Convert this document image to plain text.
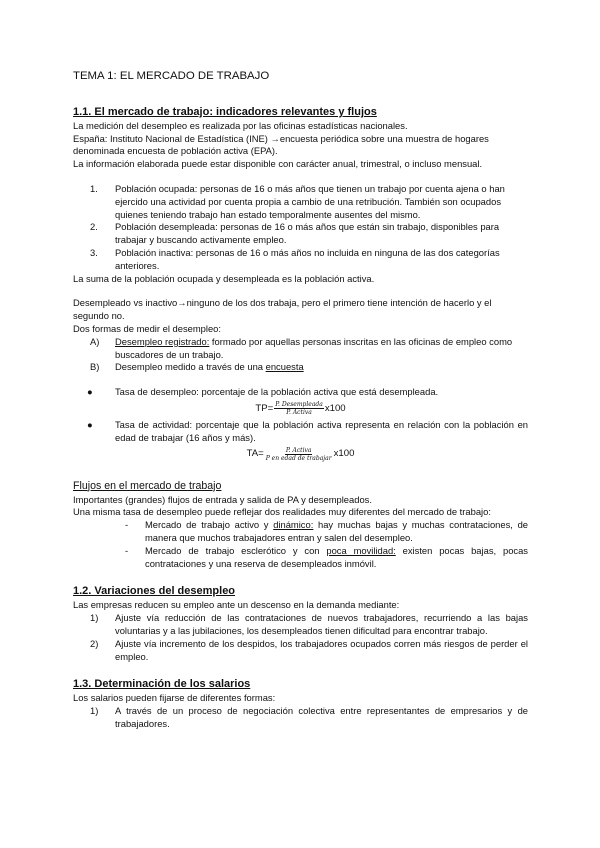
TEMA 1: EL MERCADO DE TRABAJO
1.1. El mercado de trabajo: indicadores relevantes y flujos

La medición del desempleo es realizada por las oficinas estadísticas nacionales.

España: Instituto Nacional de Estadística (INE) →encuesta periódica sobre una muestra de hogares denominada encuesta de población activa (EPA).

La información elaborada puede estar disponible con carácter anual, trimestral, o incluso mensual.

1. Población ocupada: personas de 16 o más años que tienen un trabajo por cuenta ajena o han ejercido una actividad por cuenta propia a cambio de una retribución. También son ocupados quienes teniendo trabajo han estado temporalmente ausentes del mismo.
2. Población desempleada: personas de 16 o más años que están sin trabajo, disponibles para trabajar y buscando activamente empleo.
3. Población inactiva: personas de 16 o más años no incluida en ninguna de las dos categorías anteriores.

La suma de la población ocupada y desempleada es la población activa.

Desempleado vs inactivo→ninguno de los dos trabaja, pero el primero tiene intención de hacerlo y el segundo no.

Dos formas de medir el desempleo:

A) Desempleo registrado: formado por aquellas personas inscritas en las oficinas de empleo como buscadores de un trabajo.
B) Desempleo medido a través de una encuesta
● Tasa de desempleo: porcentaje de la población activa que está desempleada.
$TP= \frac{\text{P. Desempleada}}{\text{P. Activa}} x100$
● Tasa de actividad: porcentaje que la población activa representa en relación con la población en edad de trabajar (16 años y más).
$TA= \frac{\text{P. Activa}}{\text{P en edad de trabajar}} x100$
Flujos en el mercado de trabajo

Importantes (grandes) flujos de entrada y salida de PA y desempleados.

Una misma tasa de desempleo puede reflejar dos realidades muy diferentes del mercado de trabajo:

- Mercado de trabajo activo y dinámico: hay muchas bajas y muchas contrataciones, de manera que muchos trabajadores entran y salen del desempleo.
- Mercado de trabajo esclerótico y con poca movilidad: existen pocas bajas, pocas contrataciones y una reserva de desempleados inmóvil.
1.2. Variaciones del desempleo

Las empresas reducen su empleo ante un descenso en la demanda mediante:

1) Ajuste vía reducción de las contrataciones de nuevos trabajadores, recurriendo a las bajas voluntarias y a las jubilaciones, los desempleados tienen dificultad para encontrar trabajo.
2) Ajuste vía incremento de los despidos, los trabajadores ocupados corren más riesgos de perder el empleo.
1.3. Determinación de los salarios

Los salarios pueden fijarse de diferentes formas:

1) A través de un proceso de negociación colectiva entre representantes de empresarios y de trabajadores.
